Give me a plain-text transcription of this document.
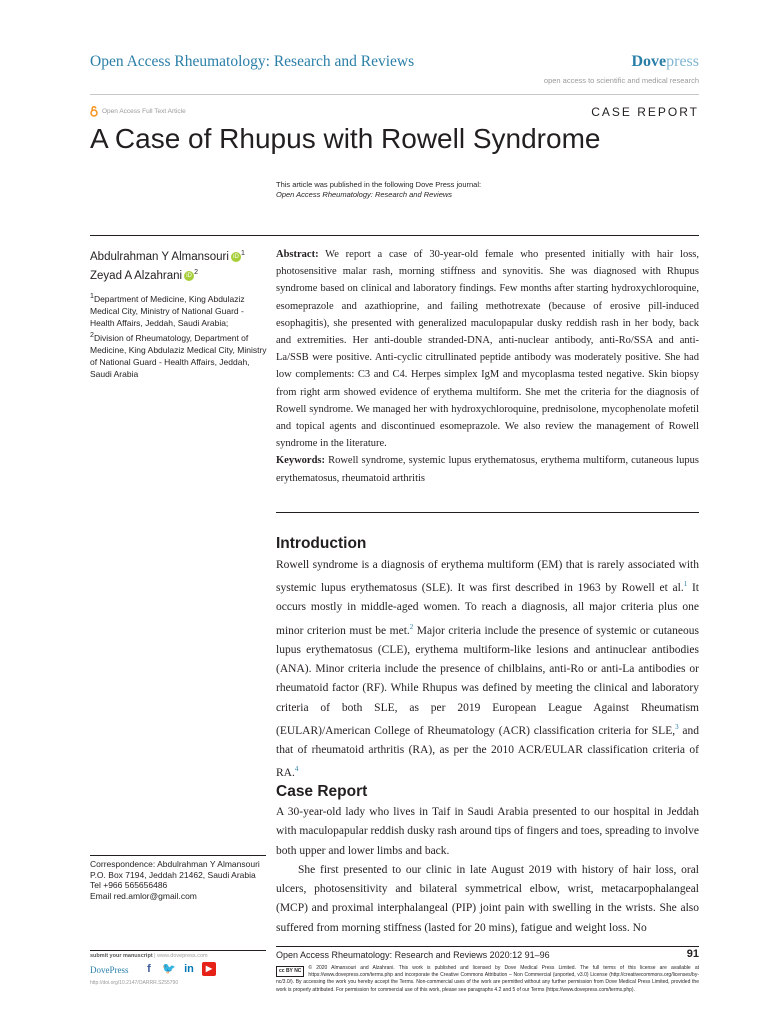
Open Access Rheumatology: Research and Reviews	Dovepress
open access to scientific and medical research
Open Access Full Text Article	CASE REPORT
A Case of Rhupus with Rowell Syndrome
This article was published in the following Dove Press journal:
Open Access Rheumatology: Research and Reviews
Abdulrahman Y Almansouri iD $^1$
Zeyad A Alzahrani iD $^2$

$^1$Department of Medicine, King Abdulaziz Medical City, Ministry of National Guard - Health Affairs, Jeddah, Saudi Arabia;

$^2$Division of Rheumatology, Department of Medicine, King Abdulaziz Medical City, Ministry of National Guard - Health Affairs, Jeddah, Saudi Arabia

Abstract: We report a case of 30-year-old female who presented initially with hair loss, photosensitive malar rash, morning stiffness and synovitis. She was diagnosed with Rhupus syndrome based on clinical and laboratory findings. Few months after starting hydroxychloroquine, esomeprazole and azathioprine, and failing methotrexate (because of erosive pill-induced esophagitis), she presented with generalized maculopapular dusky reddish rash in her body, back and extremities. Her anti-double stranded-DNA, anti-nuclear antibody, anti-Ro/SSA and anti-La/SSB were positive. Anti-cyclic citrullinated peptide antibody was moderately positive. She had low complements: C3 and C4. Herpes simplex IgM and mycoplasma tested negative. Skin biopsy from right arm showed evidence of erythema multiform. She met the criteria for the diagnosis of Rowell syndrome. We managed her with hydroxychloroquine, prednisolone, mycophenolate mofetil and topical agents and discontinued esomeprazole. We also review the management of Rowell syndrome in the literature.

Keywords: Rowell syndrome, systemic lupus erythematosus, erythema multiform, cutaneous lupus erythematosus, rheumatoid arthritis

Introduction

Rowell syndrome is a diagnosis of erythema multiform (EM) that is rarely associated with systemic lupus erythematosus (SLE). It was first described in 1963 by Rowell et al.$^1$ It occurs mostly in middle-aged women. To reach a diagnosis, all major criteria plus one minor criterion must be met.$^2$ Major criteria include the presence of systemic or cutaneous lupus erythematosus (CLE), erythema multiform-like lesions and antinuclear antibodies (ANA). Minor criteria include the presence of chilblains, anti-Ro or anti-La antibodies or rheumatoid factor (RF). While Rhupus was defined by meeting the clinical and laboratory criteria of both SLE, as per 2019 European League Against Rheumatism (EULAR)/American College of Rheumatology (ACR) classification criteria for SLE,$^3$ and that of rheumatoid arthritis (RA), as per the 2010 ACR/EULAR classification criteria of RA.$^4$

Case Report

A 30-year-old lady who lives in Taif in Saudi Arabia presented to our hospital in Jeddah with maculopapular reddish dusky rash around tips of fingers and toes, spreading to involve both upper and lower limbs and back.

She first presented to our clinic in late August 2019 with history of hair loss, oral ulcers, photosensitivity and bilateral symmetrical elbow, wrist, metacarpophalangeal (MCP) and proximal interphalangeal (PIP) joint pain with swelling in the wrists. She also suffered from morning stiffness (lasted for 20 mins), fatigue and weight loss. No

Correspondence: Abdulrahman Y Almansouri

P.O. Box 7194, Jeddah 21462, Saudi Arabia

Tel +966 565656486

Email red.amlor@gmail.com

submit your manuscript | www.dovepress.com
DovePress	f	🐦 in	▶
http://doi.org/10.2147/OARRR.S255790
Open Access Rheumatology: Research and Reviews 2020:12 91–96	91
cc BY NC	© 2020 Almansouri and Alzahrani. This work is published and licensed by Dove Medical Press Limited. The full terms of this license are available at https://www.dovepress.com/terms.php and incorporate the Creative Commons Attribution – Non Commercial (unported, v3.0) License (http://creativecommons.org/licenses/by-nc/3.0/). By accessing the work you hereby accept the Terms. Non-commercial uses of the work are permitted without any further permission from Dove Medical Press Limited, provided the work is properly attributed. For permission for commercial use of this work, please see paragraphs 4.2 and 5 of our Terms (https://www.dovepress.com/terms.php).
